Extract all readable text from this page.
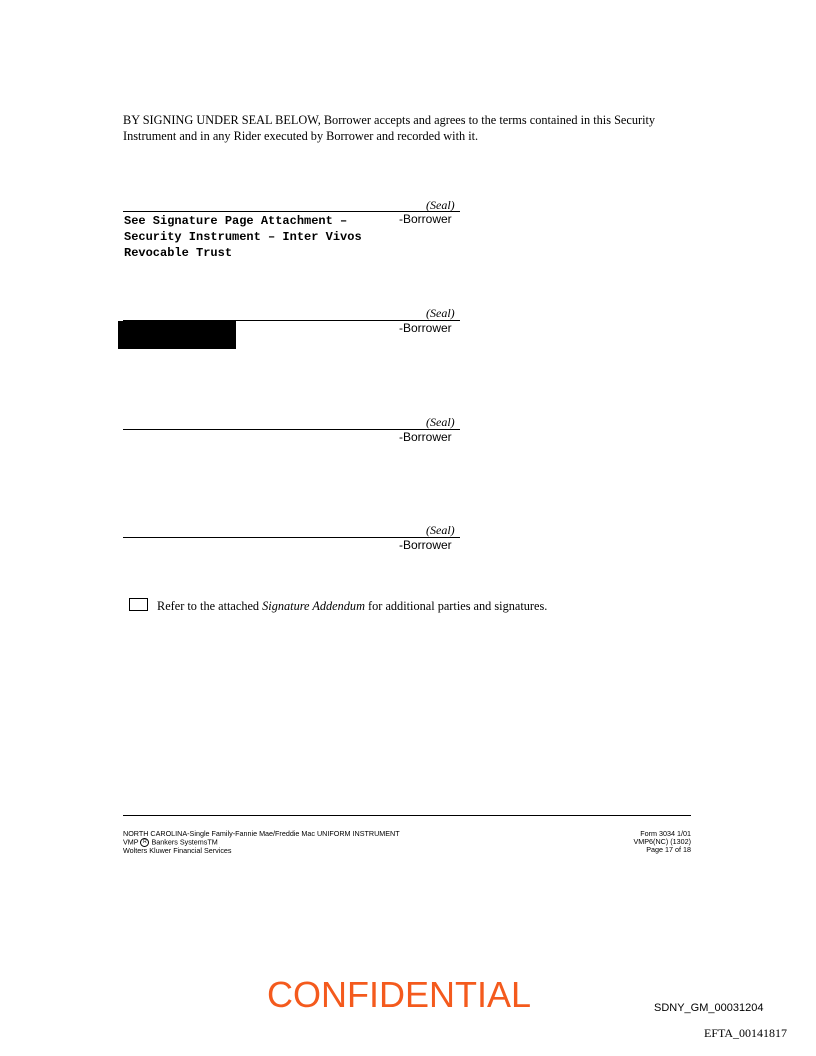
BY SIGNING UNDER SEAL BELOW, Borrower accepts and agrees to the terms contained in this Security Instrument and in any Rider executed by Borrower and recorded with it.
(Seal)
-Borrower
See Signature Page Attachment –
Security Instrument – Inter Vivos
Revocable Trust
(Seal)
-Borrower
(Seal)
-Borrower
(Seal)
-Borrower
Refer to the attached Signature Addendum for additional parties and signatures.
NORTH CAROLINA-Single Family-Fannie Mae/Freddie Mac UNIFORM INSTRUMENT
VMP R Bankers SystemsTM
Wolters Kluwer Financial Services
Form 3034 1/01
VMP6(NC) (1302)
Page 17 of 18
CONFIDENTIAL	SDNY_GM_00031204
EFTA_00141817
